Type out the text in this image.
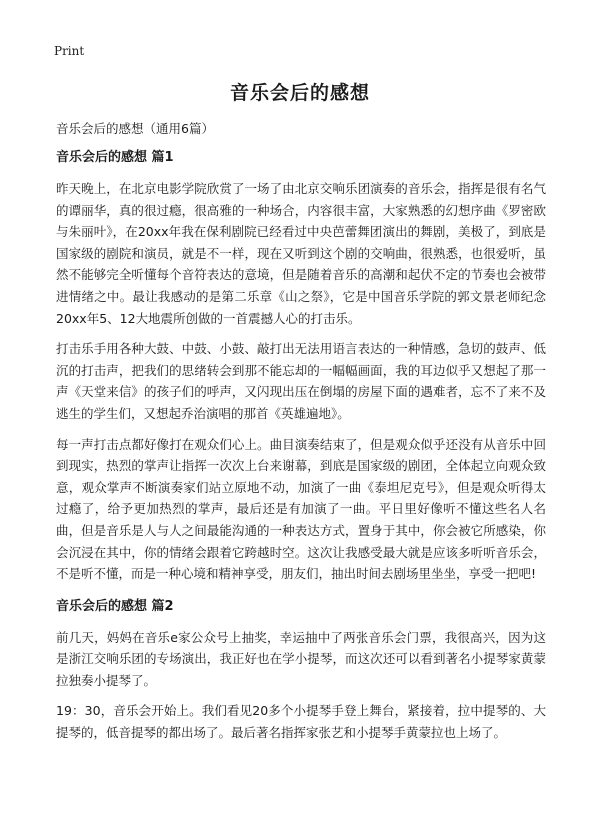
Print
音乐会后的感想
音乐会后的感想（通用6篇）
音乐会后的感想 篇1

昨天晚上，在北京电影学院欣赏了一场了由北京交响乐团演奏的音乐会，指挥是很有名气的谭丽华，真的很过瘾，很高雅的一种场合，内容很丰富，大家熟悉的幻想序曲《罗密欧与朱丽叶》，在20xx年我在保利剧院已经看过中央芭蕾舞团演出的舞剧，美极了，到底是国家级的剧院和演员，就是不一样，现在又听到这个剧的交响曲，很熟悉，也很爱听，虽然不能够完全听懂每个音符表达的意境，但是随着音乐的高潮和起伏不定的节奏也会被带进情绪之中。最让我感动的是第二乐章《山之祭》，它是中国音乐学院的郭文景老师纪念20xx年5、12大地震所创做的一首震撼人心的打击乐。

打击乐手用各种大鼓、中鼓、小鼓、敲打出无法用语言表达的一种情感，急切的鼓声、低沉的打击声，把我们的思绪转会到那不能忘却的一幅幅画面，我的耳边似乎又想起了那一声《天堂来信》的孩子们的呼声，又闪现出压在倒塌的房屋下面的遇难者，忘不了来不及逃生的学生们，又想起乔治演唱的那首《英雄遍地》。

每一声打击点都好像打在观众们心上。曲目演奏结束了，但是观众似乎还没有从音乐中回到现实，热烈的掌声让指挥一次次上台来谢幕，到底是国家级的剧团，全体起立向观众致意，观众掌声不断演奏家们站立原地不动，加演了一曲《泰坦尼克号》，但是观众听得太过瘾了，给予更加热烈的掌声，最后还是有加演了一曲。平日里好像听不懂这些名人名曲，但是音乐是人与人之间最能沟通的一种表达方式，置身于其中，你会被它所感染，你会沉浸在其中，你的情绪会跟着它跨越时空。这次让我感受最大就是应该多听听音乐会，不是听不懂，而是一种心境和精神享受，朋友们，抽出时间去剧场里坐坐，享受一把吧!

音乐会后的感想 篇2

前几天，妈妈在音乐e家公众号上抽奖，幸运抽中了两张音乐会门票，我很高兴，因为这是浙江交响乐团的专场演出，我正好也在学小提琴，而这次还可以看到著名小提琴家黄蒙拉独奏小提琴了。

19：30，音乐会开始上。我们看见20多个小提琴手登上舞台，紧接着，拉中提琴的、大提琴的，低音提琴的都出场了。最后著名指挥家张艺和小提琴手黄蒙拉也上场了。
